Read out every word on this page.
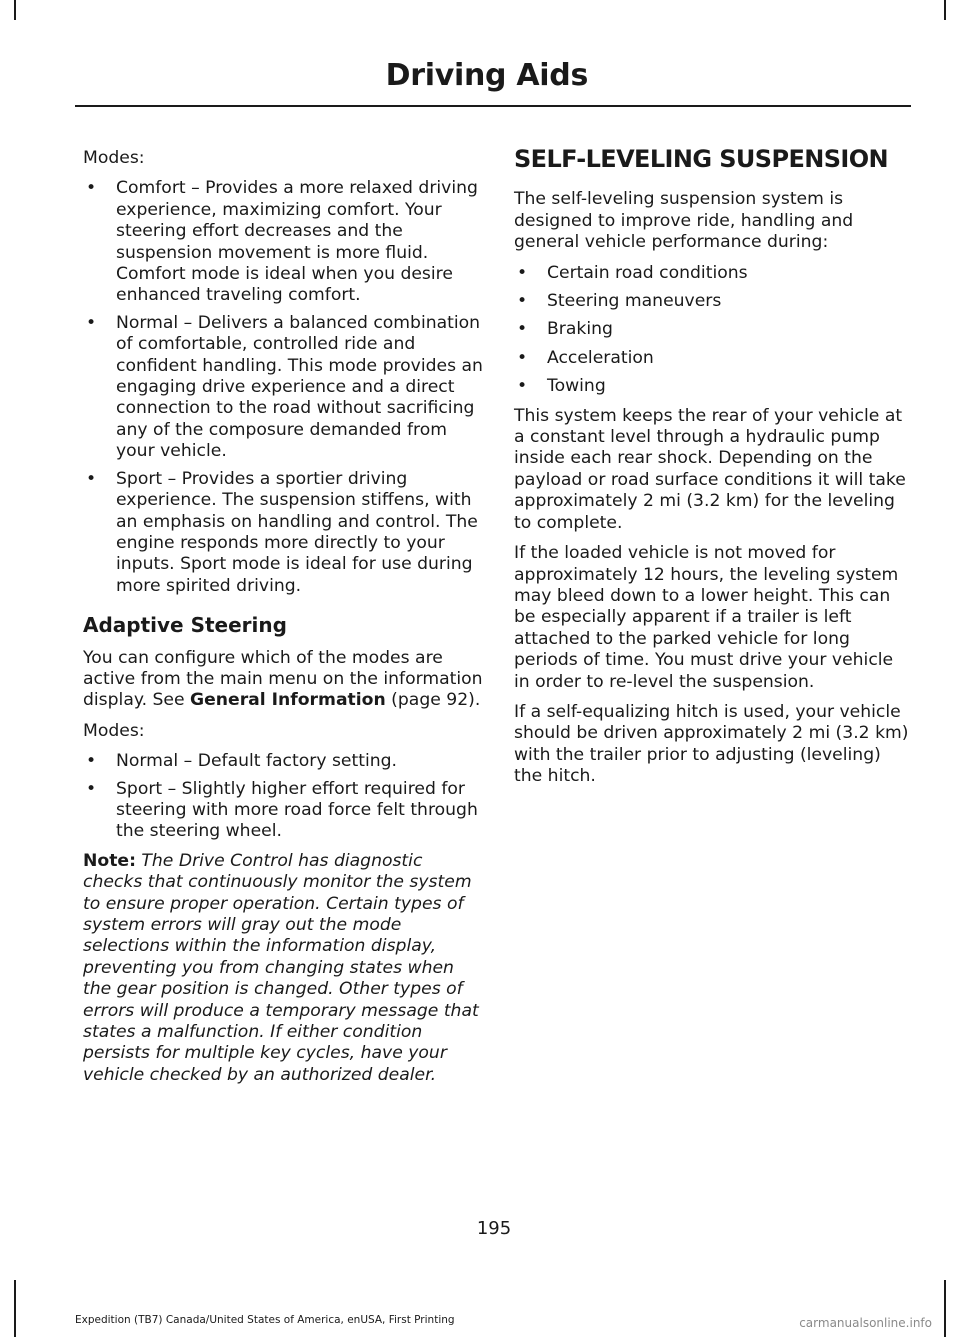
Driving Aids

Modes:

• Comfort – Provides a more relaxed driving experience, maximizing comfort. Your steering effort decreases and the suspension movement is more fluid. Comfort mode is ideal when you desire enhanced traveling comfort.
• Normal – Delivers a balanced combination of comfortable, controlled ride and confident handling. This mode provides an engaging drive experience and a direct connection to the road without sacrificing any of the composure demanded from your vehicle.
• Sport – Provides a sportier driving experience. The suspension stiffens, with an emphasis on handling and control. The engine responds more directly to your inputs. Sport mode is ideal for use during more spirited driving.
Adaptive Steering

You can configure which of the modes are active from the main menu on the information display. See General Information (page 92).

Modes:

• Normal – Default factory setting.
• Sport – Slightly higher effort required for steering with more road force felt through the steering wheel.

Note: The Drive Control has diagnostic checks that continuously monitor the system to ensure proper operation. Certain types of system errors will gray out the mode selections within the information display, preventing you from changing states when the gear position is changed. Other types of errors will produce a temporary message that states a malfunction. If either condition persists for multiple key cycles, have your vehicle checked by an authorized dealer.

SELF-LEVELING SUSPENSION

The self-leveling suspension system is designed to improve ride, handling and general vehicle performance during:

• Certain road conditions
• Steering maneuvers
• Braking
• Acceleration
• Towing

This system keeps the rear of your vehicle at a constant level through a hydraulic pump inside each rear shock. Depending on the payload or road surface conditions it will take approximately 2 mi (3.2 km) for the leveling to complete.

If the loaded vehicle is not moved for approximately 12 hours, the leveling system may bleed down to a lower height. This can be especially apparent if a trailer is left attached to the parked vehicle for long periods of time. You must drive your vehicle in order to re-level the suspension.

If a self-equalizing hitch is used, your vehicle should be driven approximately 2 mi (3.2 km) with the trailer prior to adjusting (leveling) the hitch.

195
Expedition (TB7) Canada/United States of America, enUSA, First Printing	carmanualsonline.info
